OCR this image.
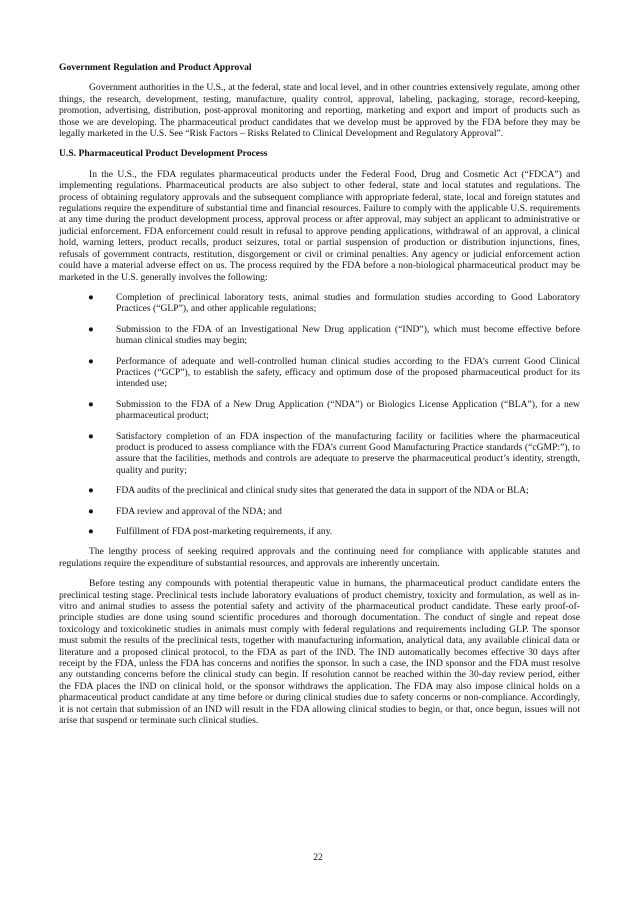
Government Regulation and Product Approval

Government authorities in the U.S., at the federal, state and local level, and in other countries extensively regulate, among other things, the research, development, testing, manufacture, quality control, approval, labeling, packaging, storage, record-keeping, promotion, advertising, distribution, post-approval monitoring and reporting, marketing and export and import of products such as those we are developing. The pharmaceutical product candidates that we develop must be approved by the FDA before they may be legally marketed in the U.S. See “Risk Factors – Risks Related to Clinical Development and Regulatory Approval”.

U.S. Pharmaceutical Product Development Process

In the U.S., the FDA regulates pharmaceutical products under the Federal Food, Drug and Cosmetic Act (“FDCA”) and implementing regulations. Pharmaceutical products are also subject to other federal, state and local statutes and regulations. The process of obtaining regulatory approvals and the subsequent compliance with appropriate federal, state, local and foreign statutes and regulations require the expenditure of substantial time and financial resources. Failure to comply with the applicable U.S. requirements at any time during the product development process, approval process or after approval, may subject an applicant to administrative or judicial enforcement. FDA enforcement could result in refusal to approve pending applications, withdrawal of an approval, a clinical hold, warning letters, product recalls, product seizures, total or partial suspension of production or distribution injunctions, fines, refusals of government contracts, restitution, disgorgement or civil or criminal penalties. Any agency or judicial enforcement action could have a material adverse effect on us. The process required by the FDA before a non-biological pharmaceutical product may be marketed in the U.S. generally involves the following:

● Completion of preclinical laboratory tests, animal studies and formulation studies according to Good Laboratory Practices (“GLP”), and other applicable regulations;
● Submission to the FDA of an Investigational New Drug application (“IND”), which must become effective before human clinical studies may begin;
● Performance of adequate and well-controlled human clinical studies according to the FDA’s current Good Clinical Practices (“GCP”), to establish the safety, efficacy and optimum dose of the proposed pharmaceutical product for its intended use;
● Submission to the FDA of a New Drug Application (“NDA”) or Biologics License Application (“BLA”), for a new pharmaceutical product;
● Satisfactory completion of an FDA inspection of the manufacturing facility or facilities where the pharmaceutical product is produced to assess compliance with the FDA’s current Good Manufacturing Practice standards (“cGMP:”), to assure that the facilities, methods and controls are adequate to preserve the pharmaceutical product’s identity, strength, quality and purity;
● FDA audits of the preclinical and clinical study sites that generated the data in support of the NDA or BLA;
● FDA review and approval of the NDA; and
● Fulfillment of FDA post-marketing requirements, if any.

The lengthy process of seeking required approvals and the continuing need for compliance with applicable statutes and regulations require the expenditure of substantial resources, and approvals are inherently uncertain.

Before testing any compounds with potential therapeutic value in humans, the pharmaceutical product candidate enters the preclinical testing stage. Preclinical tests include laboratory evaluations of product chemistry, toxicity and formulation, as well as in-vitro and animal studies to assess the potential safety and activity of the pharmaceutical product candidate. These early proof-of-principle studies are done using sound scientific procedures and thorough documentation. The conduct of single and repeat dose toxicology and toxicokinetic studies in animals must comply with federal regulations and requirements including GLP. The sponsor must submit the results of the preclinical tests, together with manufacturing information, analytical data, any available clinical data or literature and a proposed clinical protocol, to the FDA as part of the IND. The IND automatically becomes effective 30 days after receipt by the FDA, unless the FDA has concerns and notifies the sponsor. In such a case, the IND sponsor and the FDA must resolve any outstanding concerns before the clinical study can begin. If resolution cannot be reached within the 30-day review period, either the FDA places the IND on clinical hold, or the sponsor withdraws the application. The FDA may also impose clinical holds on a pharmaceutical product candidate at any time before or during clinical studies due to safety concerns or non-compliance. Accordingly, it is not certain that submission of an IND will result in the FDA allowing clinical studies to begin, or that, once begun, issues will not arise that suspend or terminate such clinical studies.

22
